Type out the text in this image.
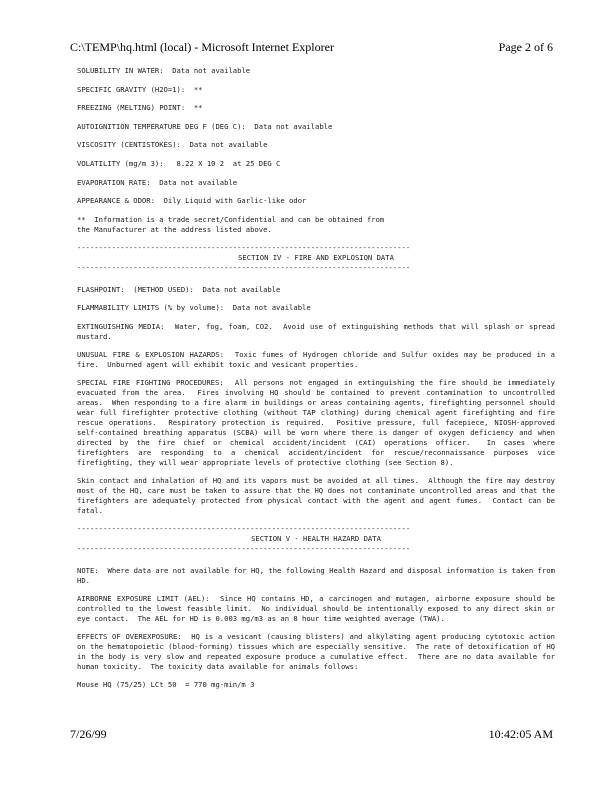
C:\TEMP\hq.html (local) - Microsoft Internet Explorer	Page 2 of 6
SOLUBILITY IN WATER:  Data not available
SPECIFIC GRAVITY (H2O=1):  **
FREEZING (MELTING) POINT:  **
AUTOIGNITION TEMPERATURE DEG F (DEG C):  Data not available
VISCOSITY (CENTISTOKES):  Data not available
VOLATILITY (mg/m 3):   8.22 X 10 2  at 25 DEG C
EVAPORATION RATE:  Data not available
APPEARANCE & ODOR:  Oily Liquid with Garlic-like odor
**  Information is a trade secret/Confidential and can be obtained from
the Manufacturer at the address listed above.
-----------------------------------------------------------------------------
SECTION IV - FIRE AND EXPLOSION DATA
-----------------------------------------------------------------------------
FLASHPOINT:  (METHOD USED):  Data not available
FLAMMABILITY LIMITS (% by volume):  Data not available
EXTINGUISHING MEDIA:  Water, fog, foam, CO2.  Avoid use of extinguishing methods that will splash or spread mustard.
UNUSUAL FIRE & EXPLOSION HAZARDS:  Toxic fumes of Hydrogen chloride and Sulfur oxides may be produced in a fire.  Unburned agent will exhibit toxic and vesicant properties.
SPECIAL FIRE FIGHTING PROCEDURES:  All persons not engaged in extinguishing the fire should be immediately evacuated from the area.  Fires involving HQ should be contained to prevent contamination to uncontrolled areas.  When responding to a fire alarm in buildings or areas containing agents, firefighting personnel should wear full firefighter protective clothing (without TAP clothing) during chemical agent firefighting and fire rescue operations.  Respiratory protection is required.  Positive pressure, full facepiece, NIOSH-approved self-contained breathing apparatus (SCBA) will be worn where there is danger of oxygen deficiency and when directed by the fire chief or chemical accident/incident (CAI) operations officer.  In cases where firefighters are responding to a chemical accident/incident for rescue/reconnaissance purposes vice firefighting, they will wear appropriate levels of protective clothing (see Section 8).
Skin contact and inhalation of HQ and its vapors must be avoided at all times.  Although the fire may destroy most of the HQ, care must be taken to assure that the HQ does not contaminate uncontrolled areas and that the firefighters are adequately protected from physical contact with the agent and agent fumes.  Contact can be fatal.
-----------------------------------------------------------------------------
SECTION V - HEALTH HAZARD DATA
-----------------------------------------------------------------------------
NOTE:  Where data are not available for HQ, the following Health Hazard and disposal information is taken from HD.
AIRBORNE EXPOSURE LIMIT (AEL):  Since HQ contains HD, a carcinogen and mutagen, airborne exposure should be controlled to the lowest feasible limit.  No individual should be intentionally exposed to any direct skin or eye contact.  The AEL for HD is 0.003 mg/m3 as an 8 hour time weighted average (TWA).
EFFECTS OF OVEREXPOSURE:  HQ is a vesicant (causing blisters) and alkylating agent producing cytotoxic action on the hematopoietic (blood-forming) tissues which are especially sensitive.  The rate of detoxification of HQ in the body is very slow and repeated exposure produce a cumulative effect.  There are no data available for human toxicity.  The toxicity data available for animals follows:
Mouse HQ (75/25) LCt 50  = 770 mg-min/m 3
7/26/99	10:42:05 AM
